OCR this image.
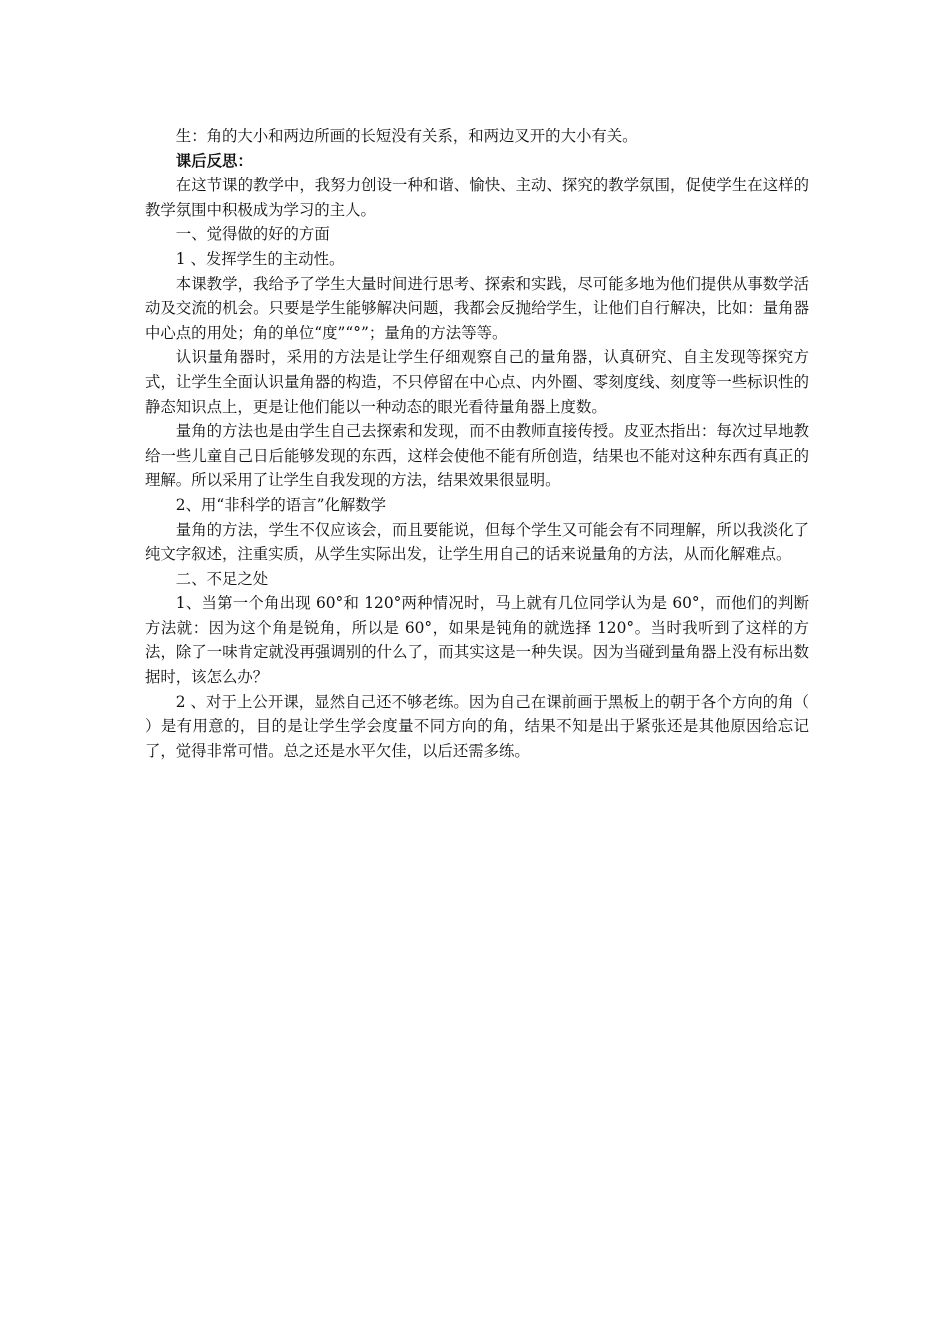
生：角的大小和两边所画的长短没有关系，和两边叉开的大小有关。

课后反思：

在这节课的教学中，我努力创设一种和谐、愉快、主动、探究的教学氛围，促使学生在这样的教学氛围中积极成为学习的主人。

一、觉得做的好的方面

1 、发挥学生的主动性。

本课教学，我给予了学生大量时间进行思考、探索和实践，尽可能多地为他们提供从事数学活动及交流的机会。只要是学生能够解决问题，我都会反抛给学生，让他们自行解决，比如：量角器中心点的用处；角的单位“度”“°”；量角的方法等等。

认识量角器时，采用的方法是让学生仔细观察自己的量角器，认真研究、自主发现等探究方式，让学生全面认识量角器的构造，不只停留在中心点、内外圈、零刻度线、刻度等一些标识性的静态知识点上，更是让他们能以一种动态的眼光看待量角器上度数。

量角的方法也是由学生自己去探索和发现，而不由教师直接传授。皮亚杰指出：每次过早地教给一些儿童自己日后能够发现的东西，这样会使他不能有所创造，结果也不能对这种东西有真正的理解。所以采用了让学生自我发现的方法，结果效果很显明。

2、用“非科学的语言”化解数学

量角的方法，学生不仅应该会，而且要能说，但每个学生又可能会有不同理解，所以我淡化了纯文字叙述，注重实质，从学生实际出发，让学生用自己的话来说量角的方法，从而化解难点。

二、不足之处

1、当第一个角出现 60°和 120°两种情况时，马上就有几位同学认为是 60°，而他们的判断方法就：因为这个角是锐角，所以是 60°，如果是钝角的就选择 120°。当时我听到了这样的方法，除了一味肯定就没再强调别的什么了，而其实这是一种失误。因为当碰到量角器上没有标出数据时，该怎么办？

2 、对于上公开课，显然自己还不够老练。因为自己在课前画于黑板上的朝于各个方向的角（ ）是有用意的，目的是让学生学会度量不同方向的角，结果不知是出于紧张还是其他原因给忘记了，觉得非常可惜。总之还是水平欠佳，以后还需多练。
